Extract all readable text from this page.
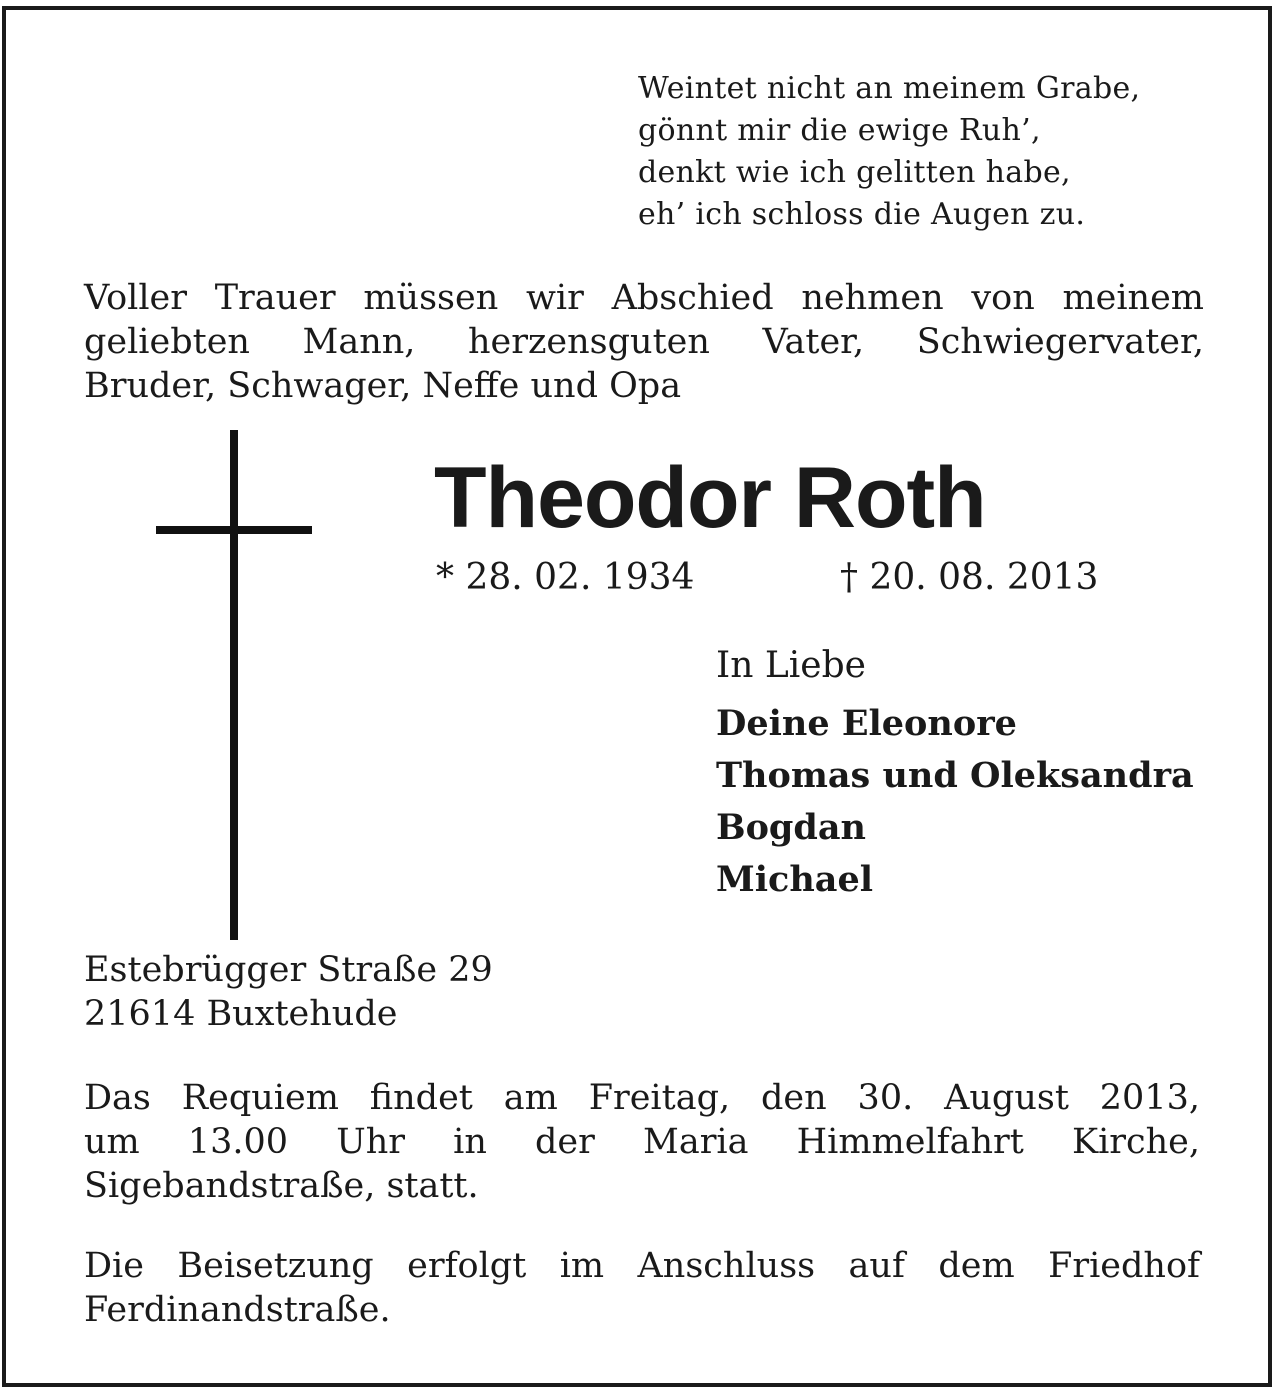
Weintet nicht an meinem Grabe,
gönnt mir die ewige Ruh’,
denkt wie ich gelitten habe,
eh’ ich schloss die Augen zu.
Voller Trauer müssen wir Abschied nehmen von meinem
geliebten Mann, herzensguten Vater, Schwiegervater,
Bruder, Schwager, Neffe und Opa
Theodor Roth
* 28. 02. 1934	† 20. 08. 2013
In Liebe
Deine Eleonore
Thomas und Oleksandra
Bogdan
Michael
Estebrügger Straße 29
21614 Buxtehude
Das Requiem findet am Freitag, den 30. August 2013,
um 13.00 Uhr in der Maria Himmelfahrt Kirche,
Sigebandstraße, statt.
Die Beisetzung erfolgt im Anschluss auf dem Friedhof
Ferdinandstraße.
